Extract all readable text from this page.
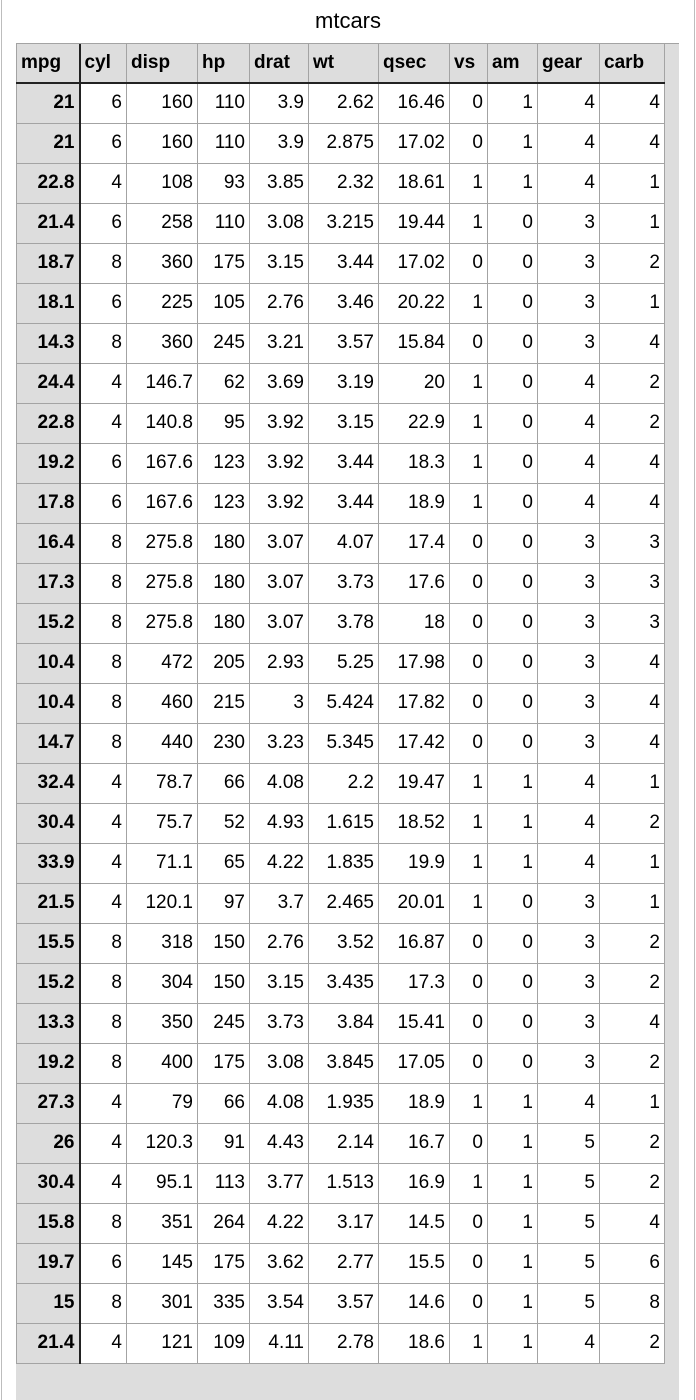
mtcars
mpg	cyl	disp	hp	drat	wt	qsec	vs	am	gear	carb
21	6	160	110	3.9	2.62	16.46	0	1	4	4
21	6	160	110	3.9	2.875	17.02	0	1	4	4
22.8	4	108	93	3.85	2.32	18.61	1	1	4	1
21.4	6	258	110	3.08	3.215	19.44	1	0	3	1
18.7	8	360	175	3.15	3.44	17.02	0	0	3	2
18.1	6	225	105	2.76	3.46	20.22	1	0	3	1
14.3	8	360	245	3.21	3.57	15.84	0	0	3	4
24.4	4	146.7	62	3.69	3.19	20	1	0	4	2
22.8	4	140.8	95	3.92	3.15	22.9	1	0	4	2
19.2	6	167.6	123	3.92	3.44	18.3	1	0	4	4
17.8	6	167.6	123	3.92	3.44	18.9	1	0	4	4
16.4	8	275.8	180	3.07	4.07	17.4	0	0	3	3
17.3	8	275.8	180	3.07	3.73	17.6	0	0	3	3
15.2	8	275.8	180	3.07	3.78	18	0	0	3	3
10.4	8	472	205	2.93	5.25	17.98	0	0	3	4
10.4	8	460	215	3	5.424	17.82	0	0	3	4
14.7	8	440	230	3.23	5.345	17.42	0	0	3	4
32.4	4	78.7	66	4.08	2.2	19.47	1	1	4	1
30.4	4	75.7	52	4.93	1.615	18.52	1	1	4	2
33.9	4	71.1	65	4.22	1.835	19.9	1	1	4	1
21.5	4	120.1	97	3.7	2.465	20.01	1	0	3	1
15.5	8	318	150	2.76	3.52	16.87	0	0	3	2
15.2	8	304	150	3.15	3.435	17.3	0	0	3	2
13.3	8	350	245	3.73	3.84	15.41	0	0	3	4
19.2	8	400	175	3.08	3.845	17.05	0	0	3	2
27.3	4	79	66	4.08	1.935	18.9	1	1	4	1
26	4	120.3	91	4.43	2.14	16.7	0	1	5	2
30.4	4	95.1	113	3.77	1.513	16.9	1	1	5	2
15.8	8	351	264	4.22	3.17	14.5	0	1	5	4
19.7	6	145	175	3.62	2.77	15.5	0	1	5	6
15	8	301	335	3.54	3.57	14.6	0	1	5	8
21.4	4	121	109	4.11	2.78	18.6	1	1	4	2
